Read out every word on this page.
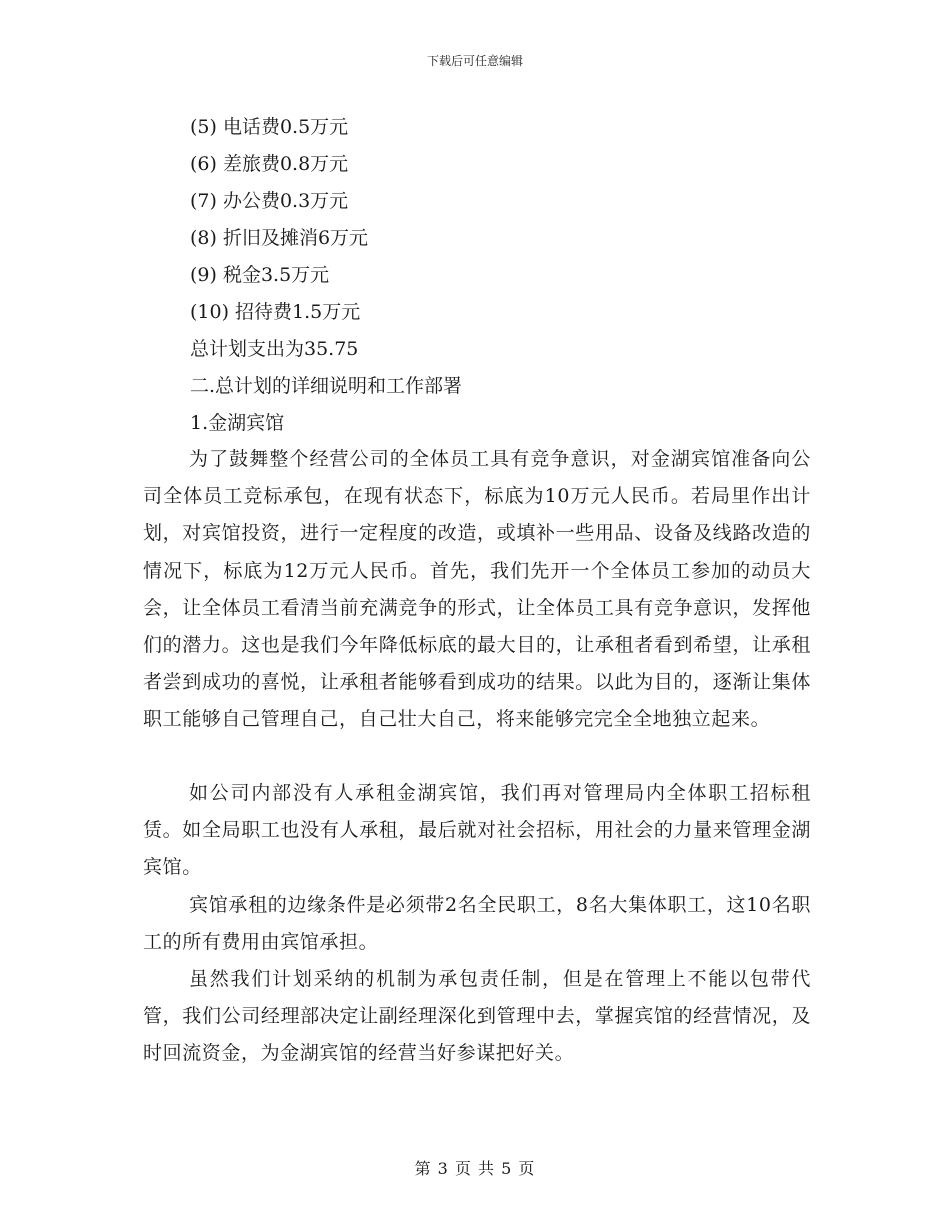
下载后可任意编辑
(5) 电话费0.5万元
(6) 差旅费0.8万元
(7) 办公费0.3万元
(8) 折旧及摊消6万元
(9) 税金3.5万元
(10) 招待费1.5万元
总计划支出为35.75
二.总计划的详细说明和工作部署
1.金湖宾馆

为了鼓舞整个经营公司的全体员工具有竞争意识，对金湖宾馆准备向公司全体员工竞标承包，在现有状态下，标底为10万元人民币。若局里作出计划，对宾馆投资，进行一定程度的改造，或填补一些用品、设备及线路改造的情况下，标底为12万元人民币。首先，我们先开一个全体员工参加的动员大会，让全体员工看清当前充满竞争的形式，让全体员工具有竞争意识，发挥他们的潜力。这也是我们今年降低标底的最大目的，让承租者看到希望，让承租者尝到成功的喜悦，让承租者能够看到成功的结果。以此为目的，逐渐让集体职工能够自己管理自己，自己壮大自己，将来能够完完全全地独立起来。

如公司内部没有人承租金湖宾馆，我们再对管理局内全体职工招标租赁。如全局职工也没有人承租，最后就对社会招标，用社会的力量来管理金湖宾馆。

宾馆承租的边缘条件是必须带2名全民职工，8名大集体职工，这10名职工的所有费用由宾馆承担。

虽然我们计划采纳的机制为承包责任制，但是在管理上不能以包带代管，我们公司经理部决定让副经理深化到管理中去，掌握宾馆的经营情况，及时回流资金，为金湖宾馆的经营当好参谋把好关。

第 3 页 共 5 页
